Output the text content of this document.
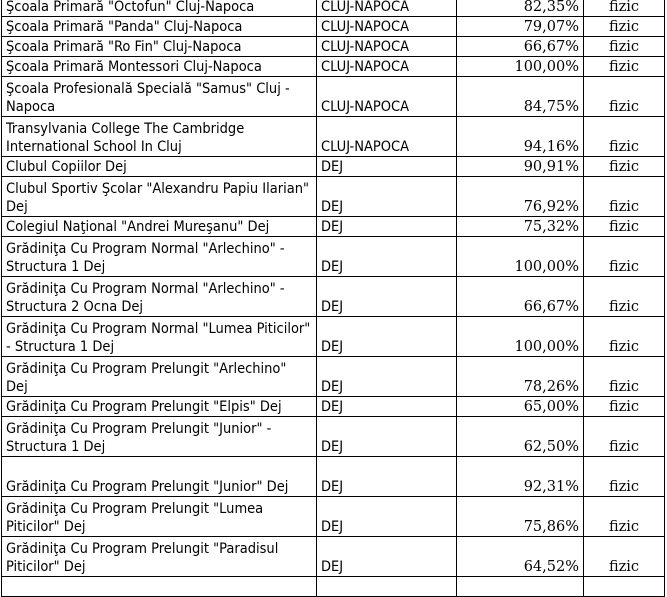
Şcoala Primară "Octofun" Cluj-Napoca	CLUJ-NAPOCA	82,35%	fizic
Şcoala Primară "Panda" Cluj-Napoca	CLUJ-NAPOCA	79,07%	fizic
Şcoala Primară "Ro Fin" Cluj-Napoca	CLUJ-NAPOCA	66,67%	fizic
Şcoala Primară Montessori Cluj-Napoca	CLUJ-NAPOCA	100,00%	fizic
Şcoala Profesională Specială "Samus" Cluj - Napoca	CLUJ-NAPOCA	84,75%	fizic
Transylvania College The Cambridge International School In Cluj	CLUJ-NAPOCA	94,16%	fizic
Clubul Copiilor Dej	DEJ	90,91%	fizic
Clubul Sportiv Şcolar "Alexandru Papiu Ilarian" Dej	DEJ	76,92%	fizic
Colegiul Naţional "Andrei Mureşanu" Dej	DEJ	75,32%	fizic
Grădiniţa Cu Program Normal "Arlechino" - Structura 1 Dej	DEJ	100,00%	fizic
Grădiniţa Cu Program Normal "Arlechino" - Structura 2 Ocna Dej	DEJ	66,67%	fizic
Grădiniţa Cu Program Normal "Lumea Piticilor" - Structura 1 Dej	DEJ	100,00%	fizic
Grădiniţa Cu Program Prelungit "Arlechino" Dej	DEJ	78,26%	fizic
Grădiniţa Cu Program Prelungit "Elpis" Dej	DEJ	65,00%	fizic
Grădiniţa Cu Program Prelungit "Junior" - Structura 1 Dej	DEJ	62,50%	fizic
Grădiniţa Cu Program Prelungit "Junior" Dej	DEJ	92,31%	fizic
Grădiniţa Cu Program Prelungit "Lumea Piticilor" Dej	DEJ	75,86%	fizic
Grădiniţa Cu Program Prelungit "Paradisul Piticilor" Dej	DEJ	64,52%	fizic
